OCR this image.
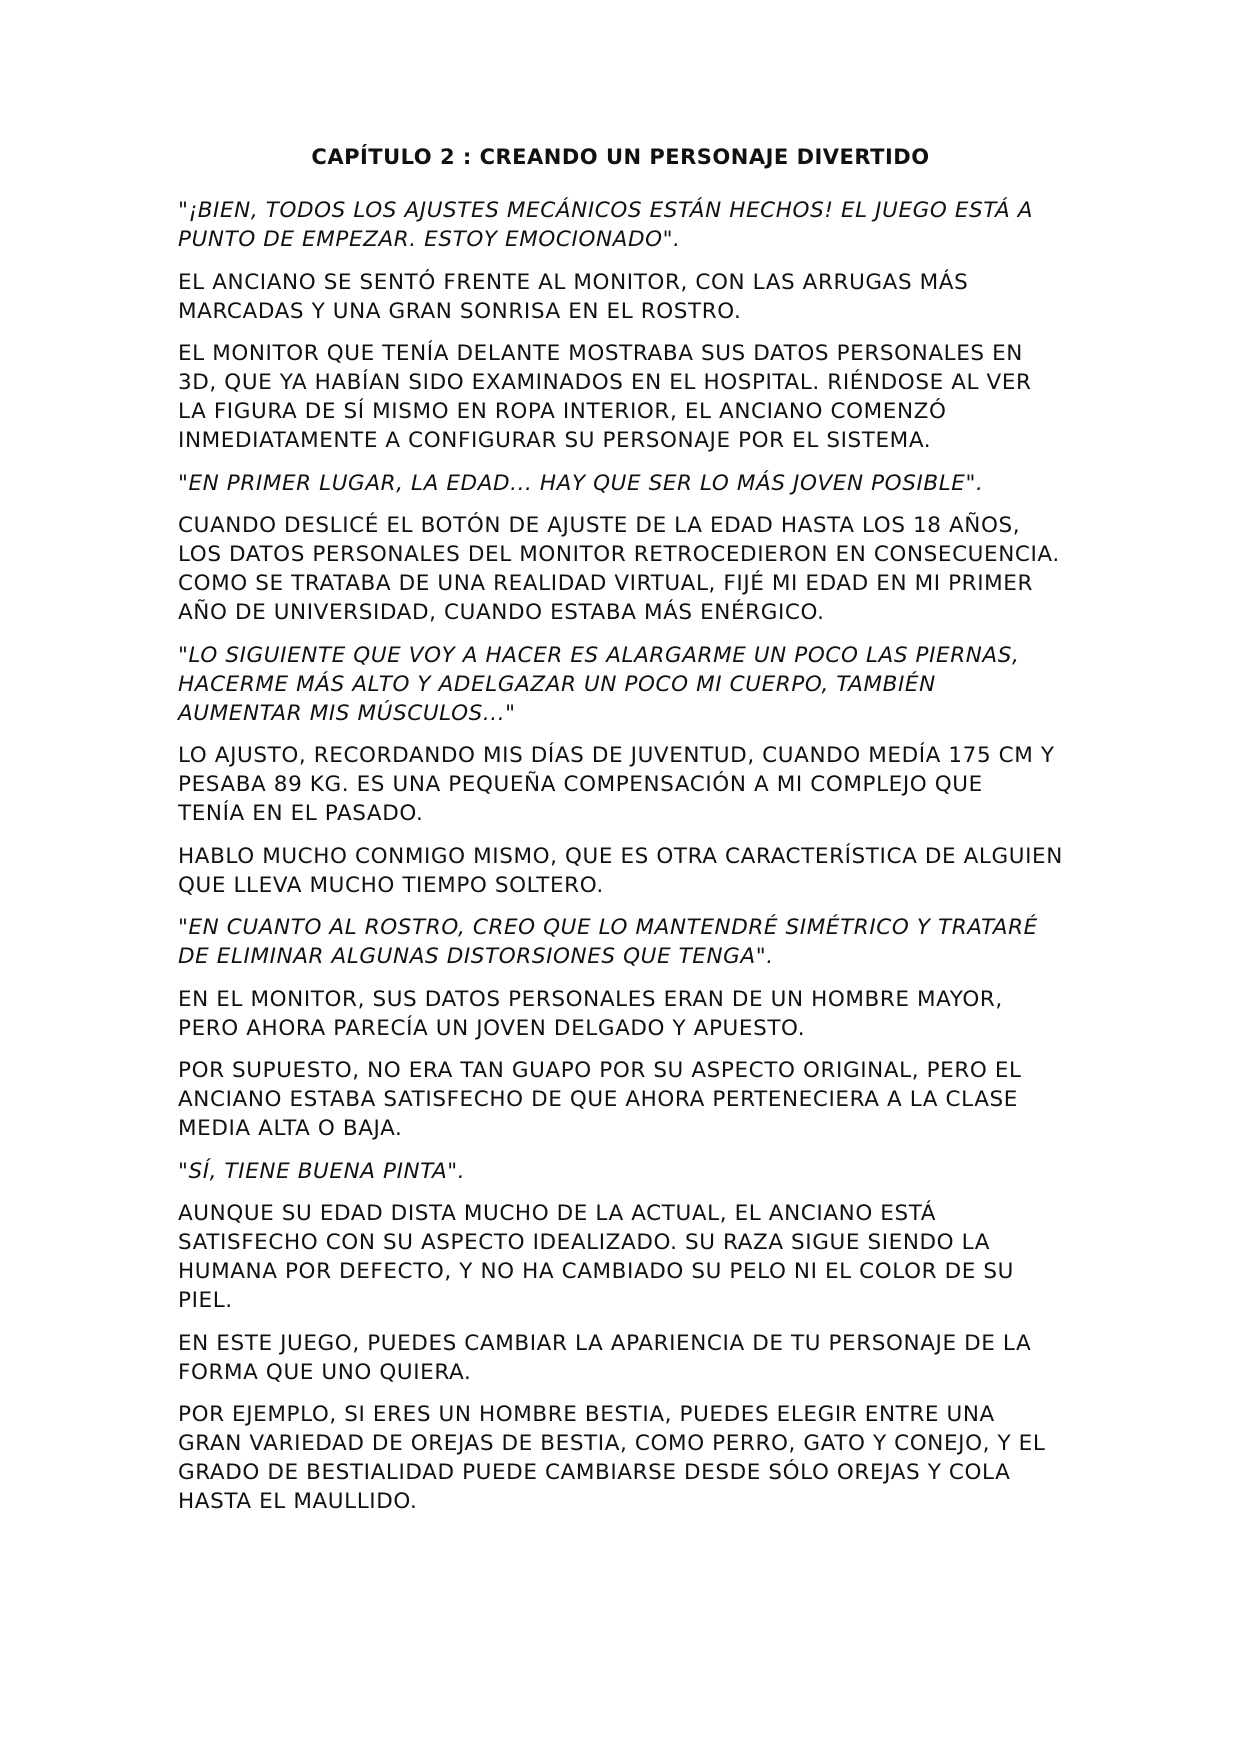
CAPÍTULO 2 : CREANDO UN PERSONAJE DIVERTIDO

"¡BIEN, TODOS LOS AJUSTES MECÁNICOS ESTÁN HECHOS! EL JUEGO ESTÁ A
PUNTO DE EMPEZAR. ESTOY EMOCIONADO".

EL ANCIANO SE SENTÓ FRENTE AL MONITOR, CON LAS ARRUGAS MÁS
MARCADAS Y UNA GRAN SONRISA EN EL ROSTRO.

EL MONITOR QUE TENÍA DELANTE MOSTRABA SUS DATOS PERSONALES EN
3D, QUE YA HABÍAN SIDO EXAMINADOS EN EL HOSPITAL. RIÉNDOSE AL VER
LA FIGURA DE SÍ MISMO EN ROPA INTERIOR, EL ANCIANO COMENZÓ
INMEDIATAMENTE A CONFIGURAR SU PERSONAJE POR EL SISTEMA.

"EN PRIMER LUGAR, LA EDAD... HAY QUE SER LO MÁS JOVEN POSIBLE".

CUANDO DESLICÉ EL BOTÓN DE AJUSTE DE LA EDAD HASTA LOS 18 AÑOS,
LOS DATOS PERSONALES DEL MONITOR RETROCEDIERON EN CONSECUENCIA.
COMO SE TRATABA DE UNA REALIDAD VIRTUAL, FIJÉ MI EDAD EN MI PRIMER
AÑO DE UNIVERSIDAD, CUANDO ESTABA MÁS ENÉRGICO.

"LO SIGUIENTE QUE VOY A HACER ES ALARGARME UN POCO LAS PIERNAS,
HACERME MÁS ALTO Y ADELGAZAR UN POCO MI CUERPO, TAMBIÉN
AUMENTAR MIS MÚSCULOS..."

LO AJUSTO, RECORDANDO MIS DÍAS DE JUVENTUD, CUANDO MEDÍA 175 CM Y
PESABA 89 KG. ES UNA PEQUEÑA COMPENSACIÓN A MI COMPLEJO QUE
TENÍA EN EL PASADO.

HABLO MUCHO CONMIGO MISMO, QUE ES OTRA CARACTERÍSTICA DE ALGUIEN
QUE LLEVA MUCHO TIEMPO SOLTERO.

"EN CUANTO AL ROSTRO, CREO QUE LO MANTENDRÉ SIMÉTRICO Y TRATARÉ
DE ELIMINAR ALGUNAS DISTORSIONES QUE TENGA".

EN EL MONITOR, SUS DATOS PERSONALES ERAN DE UN HOMBRE MAYOR,
PERO AHORA PARECÍA UN JOVEN DELGADO Y APUESTO.

POR SUPUESTO, NO ERA TAN GUAPO POR SU ASPECTO ORIGINAL, PERO EL
ANCIANO ESTABA SATISFECHO DE QUE AHORA PERTENECIERA A LA CLASE
MEDIA ALTA O BAJA.

"SÍ, TIENE BUENA PINTA".

AUNQUE SU EDAD DISTA MUCHO DE LA ACTUAL, EL ANCIANO ESTÁ
SATISFECHO CON SU ASPECTO IDEALIZADO. SU RAZA SIGUE SIENDO LA
HUMANA POR DEFECTO, Y NO HA CAMBIADO SU PELO NI EL COLOR DE SU
PIEL.

EN ESTE JUEGO, PUEDES CAMBIAR LA APARIENCIA DE TU PERSONAJE DE LA
FORMA QUE UNO QUIERA.

POR EJEMPLO, SI ERES UN HOMBRE BESTIA, PUEDES ELEGIR ENTRE UNA
GRAN VARIEDAD DE OREJAS DE BESTIA, COMO PERRO, GATO Y CONEJO, Y EL
GRADO DE BESTIALIDAD PUEDE CAMBIARSE DESDE SÓLO OREJAS Y COLA
HASTA EL MAULLIDO.
